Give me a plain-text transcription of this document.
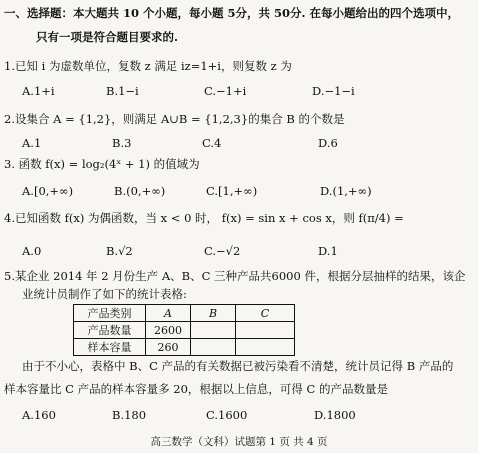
一、选择题：本大题共 10 个小题，每小题 5分，共 50分. 在每小题给出的四个选项中，
只有一项是符合题目要求的.
1.已知 i 为虚数单位，复数 z 满足 iz=1+i，则复数 z 为
A.1+i	B.1−i	C.−1+i	D.−1−i
2.设集合 A = {1,2}，则满足 A∪B = {1,2,3}的集合 B 的个数是
A.1	B.3	C.4	D.6
3. 函数 f(x) = log₂(4ˣ + 1) 的值域为
A.[0,+∞)	B.(0,+∞)	C.[1,+∞)	D.(1,+∞)
4.已知函数 f(x) 为偶函数，当 x < 0 时， f(x) = sin x + cos x，则 f(π/4) =
A.0	B.√2	C.−√2	D.1
5.某企业 2014 年 2 月份生产 A、B、C 三种产品共6000 件，根据分层抽样的结果，该企
业统计员制作了如下的统计表格:
产品类别	A	B	C
产品数量	2600		
样本容量	260		
由于不小心，表格中 B、C 产品的有关数据已被污染看不清楚，统计员记得 B 产品的
样本容量比 C 产品的样本容量多 20，根据以上信息，可得 C 的产品数量是
A.160	B.180	C.1600	D.1800
高三数学（文科）试题第 1 页 共 4 页
